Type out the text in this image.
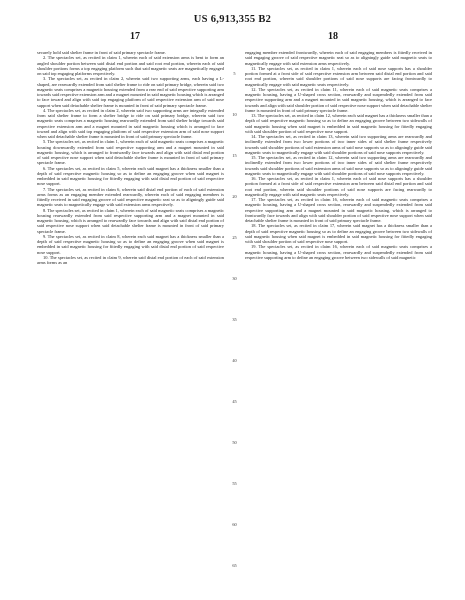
US 6,913,355 B2
17	18

securely hold said shelter frame in front of said primary spectacle frame.

2. The spectacles set, as recited in claim 1, wherein each of said extension arms is bent to form an angled shoulder portion between said distal end portion and said root end portion, wherein each of said shoulder portions forms a top engaging platform such that said magnetic seats are magnetically engaged on said top engaging platforms respectively.

3. The spectacles set, as recited in claim 2, wherein said two supporting arms, each having a L-shaped, are rearwardly extended from said shelter frame to ride on said primary bridge, wherein said two magnetic seats comprises a magnetic housing extended from a rear end of said respective supporting arm towards said respective extension arm and a magnet mounted in said magnetic housing which is arranged to face toward and align with said top engaging platform of said respective extension arm of said nose support when said detachable shelter frame is mounted in front of said primary spectacle frame.

4. The spectacles set, as recited in claim 2, wherein said two supporting arms are integrally extended from said shelter frame to form a shelter bridge to ride on said primary bridge, wherein said two magnetic seats comprises a magnetic housing rearwardly extended from said shelter bridge towards said respective extension arm and a magnet mounted in said magnetic housing which is arranged to face toward and align with said top engaging platform of said respective extension arm of said nose support when said detachable shelter frame is mounted in front of said primary spectacle frame.

5. The spectacles set, as recited in claim 1, wherein each of said magnetic seats comprises a magnetic housing downwardly extended from said respective supporting arm and a magnet mounted in said magnetic housing, which is arranged to frontwardly face towards and align with said distal end portion of said respective nose support when said detachable shelter frame is mounted in front of said primary spectacle frame.

6. The spectacles set, as recited in claim 5, wherein each said magnet has a thickness smaller than a depth of said respective magnetic housing so as to define an engaging groove when said magnet is embedded in said magnetic housing for fittedly engaging with said distal end portion of said respective nose support.

7. The spectacles set, as recited in claim 6, wherein said distal end portion of each of said extension arms forms as an engaging member extended rearwardly, wherein each of said engaging members is fittedly received in said engaging groove of said respective magnetic seat so as to aligningly guide said magnetic seats to magnetically engage with said extension arms respectively.

8. The spectacles set, as recited in claim 1, wherein each of said magnetic seats comprises a magnetic housing rearwardly extended from said respective supporting arm and a magnet mounted in said magnetic housing, which is arranged to rearwardly face towards and align with said distal end portion of said respective nose support when said detachable shelter frame is mounted in front of said primary spectacle frame.

9. The spectacles set, as recited in claim 8, wherein each said magnet has a thickness smaller than a depth of said respective magnetic housing so as to define an engaging groove when said magnet is embedded in said magnetic housing for fittedly engaging with said distal end portion of said respective nose support.

10. The spectacles set, as recited in claim 9, wherein said distal end portion of each of said extension arms forms as an

5
10
15
20
25
30
35
40
45
50
55
60
65

engaging member extended frontwardly, wherein each of said engaging members is fittedly received in said engaging groove of said respective magnetic seat so as to aligningly guide said magnetic seats to magnetically engage with said extension arms respectively.

11. The spectacles set, as recited in claim 1, wherein each of said nose supports has a shoulder portion formed at a front side of said respective extension arm between said distal end portion and said root end portion, wherein said shoulder portions of said nose supports are facing frontwardly to magnetically engage with said magnetic seats respectively.

12. The spectacles set, as recited in claim 11, wherein each of said magnetic seats comprises a magnetic housing, having a U-shaped cross section, rearwardly and suspendedly extended from said respective supporting arm and a magnet mounted in said magnetic housing, which is arranged to face towards and align with said shoulder portion of said respective nose support when said detachable shelter frame is mounted in front of said primary spectacle frame.

13. The spectacles set, as recited in claim 12, wherein each said magnet has a thickness smaller than a depth of said respective magnetic housing so as to define an engaging groove between two sidewalls of said magnetic housing when said magnet is embedded in said magnetic housing for fittedly engaging with said shoulder portion of said respective nose support.

14. The spectacles set, as recited in claim 13, wherein said two supporting arms are rearwardly and inclinedly extended from two lower portions of two inner sides of said shelter frame respectively towards said shoulder portions of said extension arms of said nose supports so as to aligningly guide said magnetic seats to magnetically engage with said shoulder portions of said nose supports respectively.

15. The spectacles set, as recited in claim 12, wherein said two supporting arms are rearwardly and inclinedly extended from two lower portions of two inner sides of said shelter frame respectively towards said shoulder portions of said extension arms of said nose supports so as to aligningly guide said magnetic seats to magnetically engage with said shoulder portions of said nose supports respectively.

16. The spectacles set, as recited in claim 1, wherein each of said nose supports has a shoulder portion formed at a front side of said respective extension arm between said distal end portion and said root end portion, wherein said shoulder portions of said nose supports are facing rearwardly to magnetically engage with said magnetic seats respectively.

17. The spectacles set, as recited in claim 16, wherein each of said magnetic seats comprises a magnetic housing, having a U-shaped cross section, rearwardly and suspendedly extended from said respective supporting arm and a magnet mounted in said magnetic housing, which is arranged to frontwardly face towards and align with said shoulder portion of said respective nose support when said detachable shelter frame is mounted in front of said primary spectacle frame.

18. The spectacles set, as recited in claim 17, wherein said magnet has a thickness smaller than a depth of said respective magnetic housing so as to define an engaging groove between two sidewalls of said magnetic housing when said magnet is embedded in said magnetic housing for fittedly engaging with said shoulder portion of said respective nose support.

19. The spectacles set, as recited in claim 16, wherein each of said magnetic seats comprises a magnetic housing, having a U-shaped cross section, rearwardly and suspendedly extended from said respective supporting arm to define an engaging groove between two sidewalls of said magnetic
